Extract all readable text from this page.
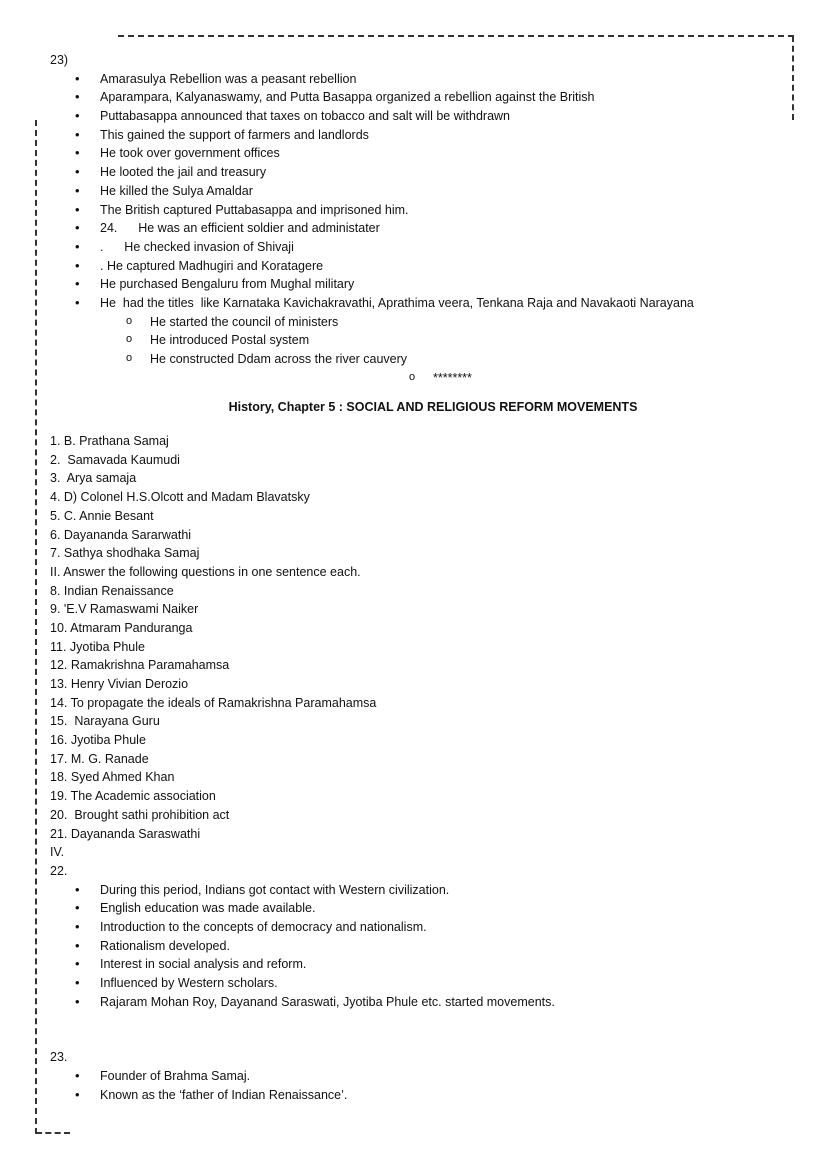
23)
• Amarasulya Rebellion was a peasant rebellion
• Aparampara, Kalyanaswamy, and Putta Basappa organized a rebellion against the British
• Puttabasappa announced that taxes on tobacco and salt will be withdrawn
• This gained the support of farmers and landlords
• He took over government offices
• He looted the jail and treasury
• He killed the Sulya Amaldar
• The British captured Puttabasappa and imprisoned him.
• 24.      He was an efficient soldier and administater
• .      He checked invasion of Shivaji
• . He captured Madhugiri and Koratagere
• He purchased Bengaluru from Mughal military
• He  had the titles  like Karnataka Kavichakravathi, Aprathima veera, Tenkana Raja and Navakaoti Narayana
o He started the council of ministers
o He introduced Postal system
o He constructed Ddam across the river cauvery
o ********
History, Chapter 5 : SOCIAL AND RELIGIOUS REFORM MOVEMENTS
1. B. Prathana Samaj
2.  Samavada Kaumudi
3.  Arya samaja
4. D) Colonel H.S.Olcott and Madam Blavatsky
5. C. Annie Besant
6. Dayananda Sararwathi
7. Sathya shodhaka Samaj
II. Answer the following questions in one sentence each.
8. Indian Renaissance
9. 'E.V Ramaswami Naiker
10. Atmaram Panduranga
11. Jyotiba Phule
12. Ramakrishna Paramahamsa
13. Henry Vivian Derozio
14. To propagate the ideals of Ramakrishna Paramahamsa
15.  Narayana Guru
16. Jyotiba Phule
17. M. G. Ranade
18. Syed Ahmed Khan
19. The Academic association
20.  Brought sathi prohibition act
21. Dayananda Saraswathi
IV.
22.
• During this period, Indians got contact with Western civilization.
• English education was made available.
• Introduction to the concepts of democracy and nationalism.
• Rationalism developed.
• Interest in social analysis and reform.
• Influenced by Western scholars.
• Rajaram Mohan Roy, Dayanand Saraswati, Jyotiba Phule etc. started movements.
23.
• Founder of Brahma Samaj.
• Known as the ‘father of Indian Renaissance’.
